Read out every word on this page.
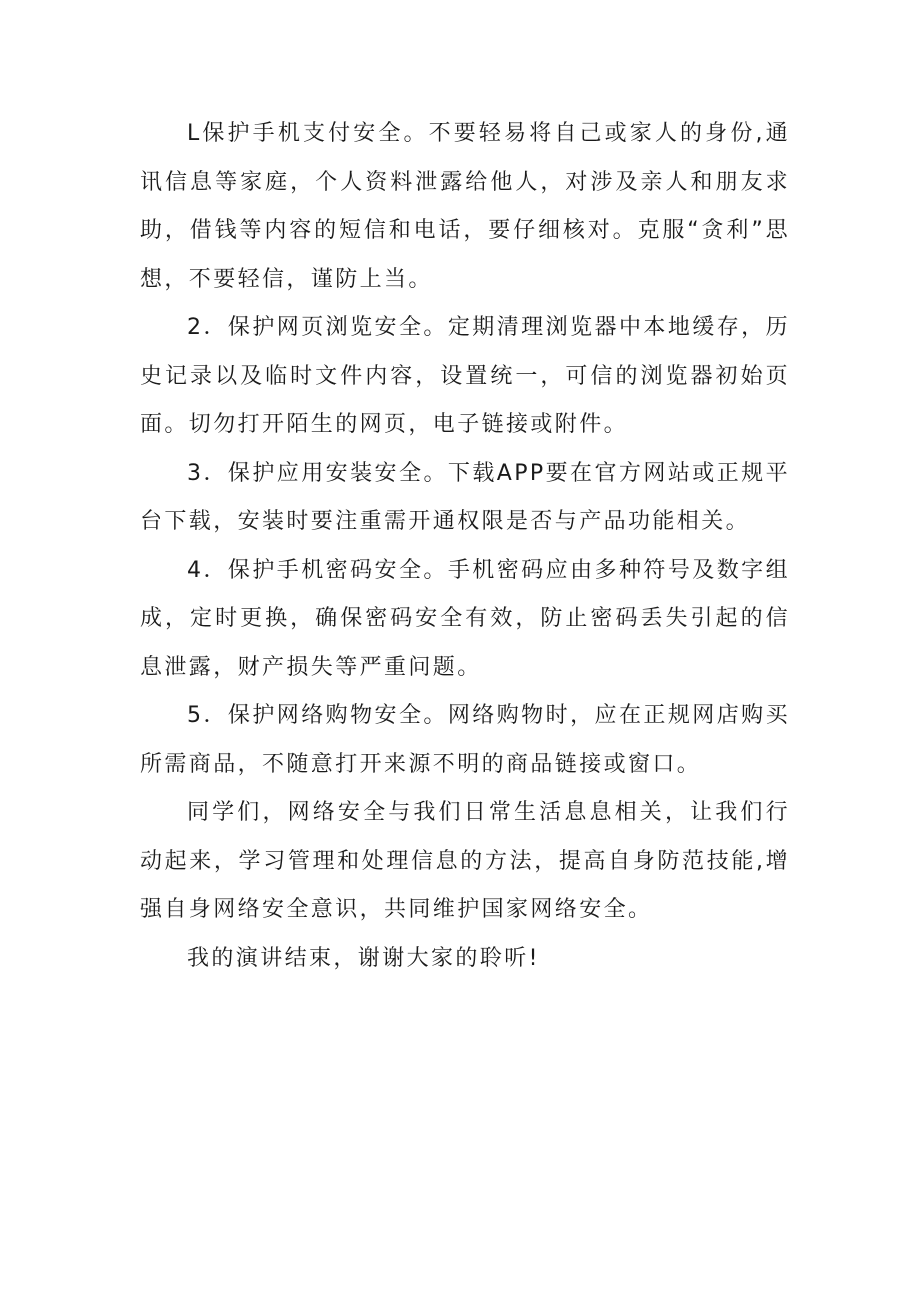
L保护手机支付安全。不要轻易将自己或家人的身份,通讯信息等家庭，个人资料泄露给他人，对涉及亲人和朋友求助，借钱等内容的短信和电话，要仔细核对。克服“贪利”思想，不要轻信，谨防上当。

2．保护网页浏览安全。定期清理浏览器中本地缓存，历史记录以及临时文件内容，设置统一，可信的浏览器初始页面。切勿打开陌生的网页，电子链接或附件。

3．保护应用安装安全。下载APP要在官方网站或正规平台下载，安装时要注重需开通权限是否与产品功能相关。

4．保护手机密码安全。手机密码应由多种符号及数字组成，定时更换，确保密码安全有效，防止密码丢失引起的信息泄露，财产损失等严重问题。

5．保护网络购物安全。网络购物时，应在正规网店购买所需商品，不随意打开来源不明的商品链接或窗口。

同学们，网络安全与我们日常生活息息相关，让我们行动起来，学习管理和处理信息的方法，提高自身防范技能,增强自身网络安全意识，共同维护国家网络安全。

我的演讲结束，谢谢大家的聆听!
